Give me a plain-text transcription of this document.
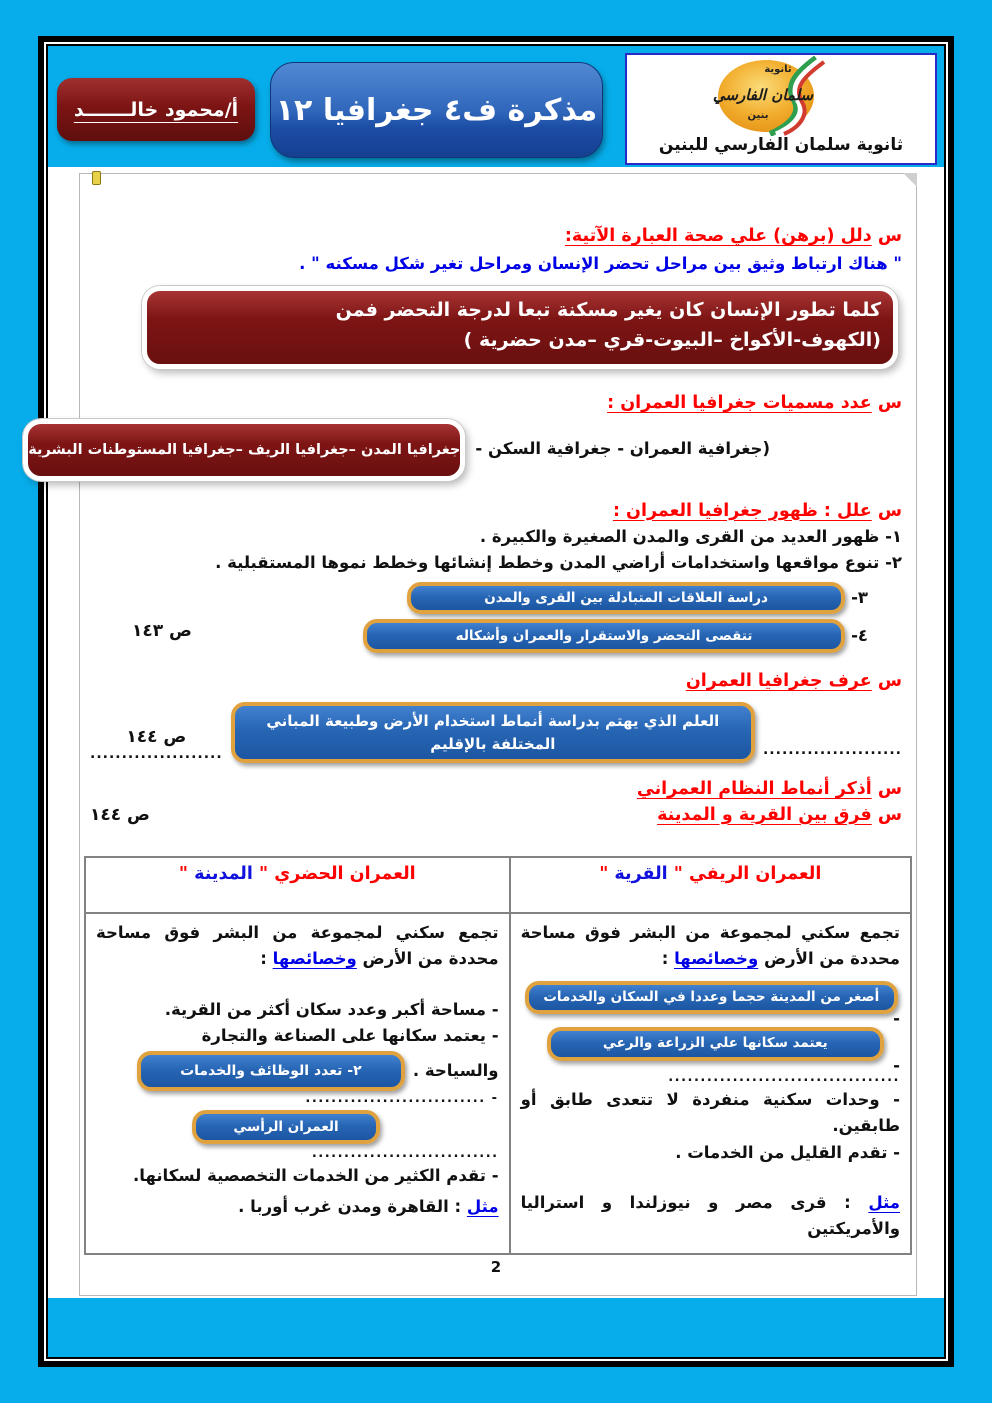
أ/محمود خالـــــــد مذكرة ف٤ جغرافيا ١٢
ثانوية
سلمان الفارسي
بنين
ثانوية سلمان الفارسي للبنين
س دلل (برهن) علي صحة العبارة الآتية:
" هناك ارتباط وثيق بين مراحل تحضر الإنسان ومراحل تغير شكل مسكنه " .
كلما تطور الإنسان كان يغير مسكنة تبعا لدرجة التحضر فمن
(الكهوف-الأكواخ –البيوت-قري –مدن حضرية )
س عدد مسميات جغرافيا العمران :
(جغرافية العمران - جغرافية السكن -
جغرافيا المدن –جغرافيا الريف –جغرافيا المستوطنات البشرية
س علل : ظهور جغرافيا العمران :
١- ظهور العديد من القرى والمدن الصغيرة والكبيرة .
٢- تنوع مواقعها واستخدامات أراضي المدن وخطط إنشائها وخطط نموها المستقبلية .
٣-
دراسة العلاقات المتبادلة بين القرى والمدن
٤-
تتقصى التحضر والاستقرار والعمران وأشكاله
ص ١٤٣
س عرف جغرافيا العمران
......................
العلم الذي يهتم بدراسة أنماط استخدام الأرض وطبيعة المباني المختلفة بالإقليم
ص ١٤٤
.....................
س أذكر أنماط النظام العمراني
س فرق بين القرية و المدينة
ص ١٤٤
العمران الريفي " القرية "	العمران الحضري " المدينة "

تجمع سكني لمجموعة من البشر فوق مساحة محددة من الأرض وخصائصها :
أصغر من المدينة حجما وعددا في السكان والخدمات
-
يعتمد سكانها علي الزراعة والرعي
-
....................................
- وحدات سكنية منفردة لا تتعدى طابق أو طابقين.
- تقدم القليل من الخدمات .
مثل : قرى مصر و نيوزلندا و استراليا والأمريكتين

تجمع سكني لمجموعة من البشر فوق مساحة محددة من الأرض وخصائصها :
- مساحة أكبر وعدد سكان أكثر من القرية.
- يعتمد سكانها على الصناعة والتجارة
والسياحة .
٢- تعدد الوظائف والخدمات
- ............................
العمران الرأسي
.............................
- تقدم الكثير من الخدمات التخصصية لسكانها.
مثل : القاهرة ومدن غرب أوربا .
2
